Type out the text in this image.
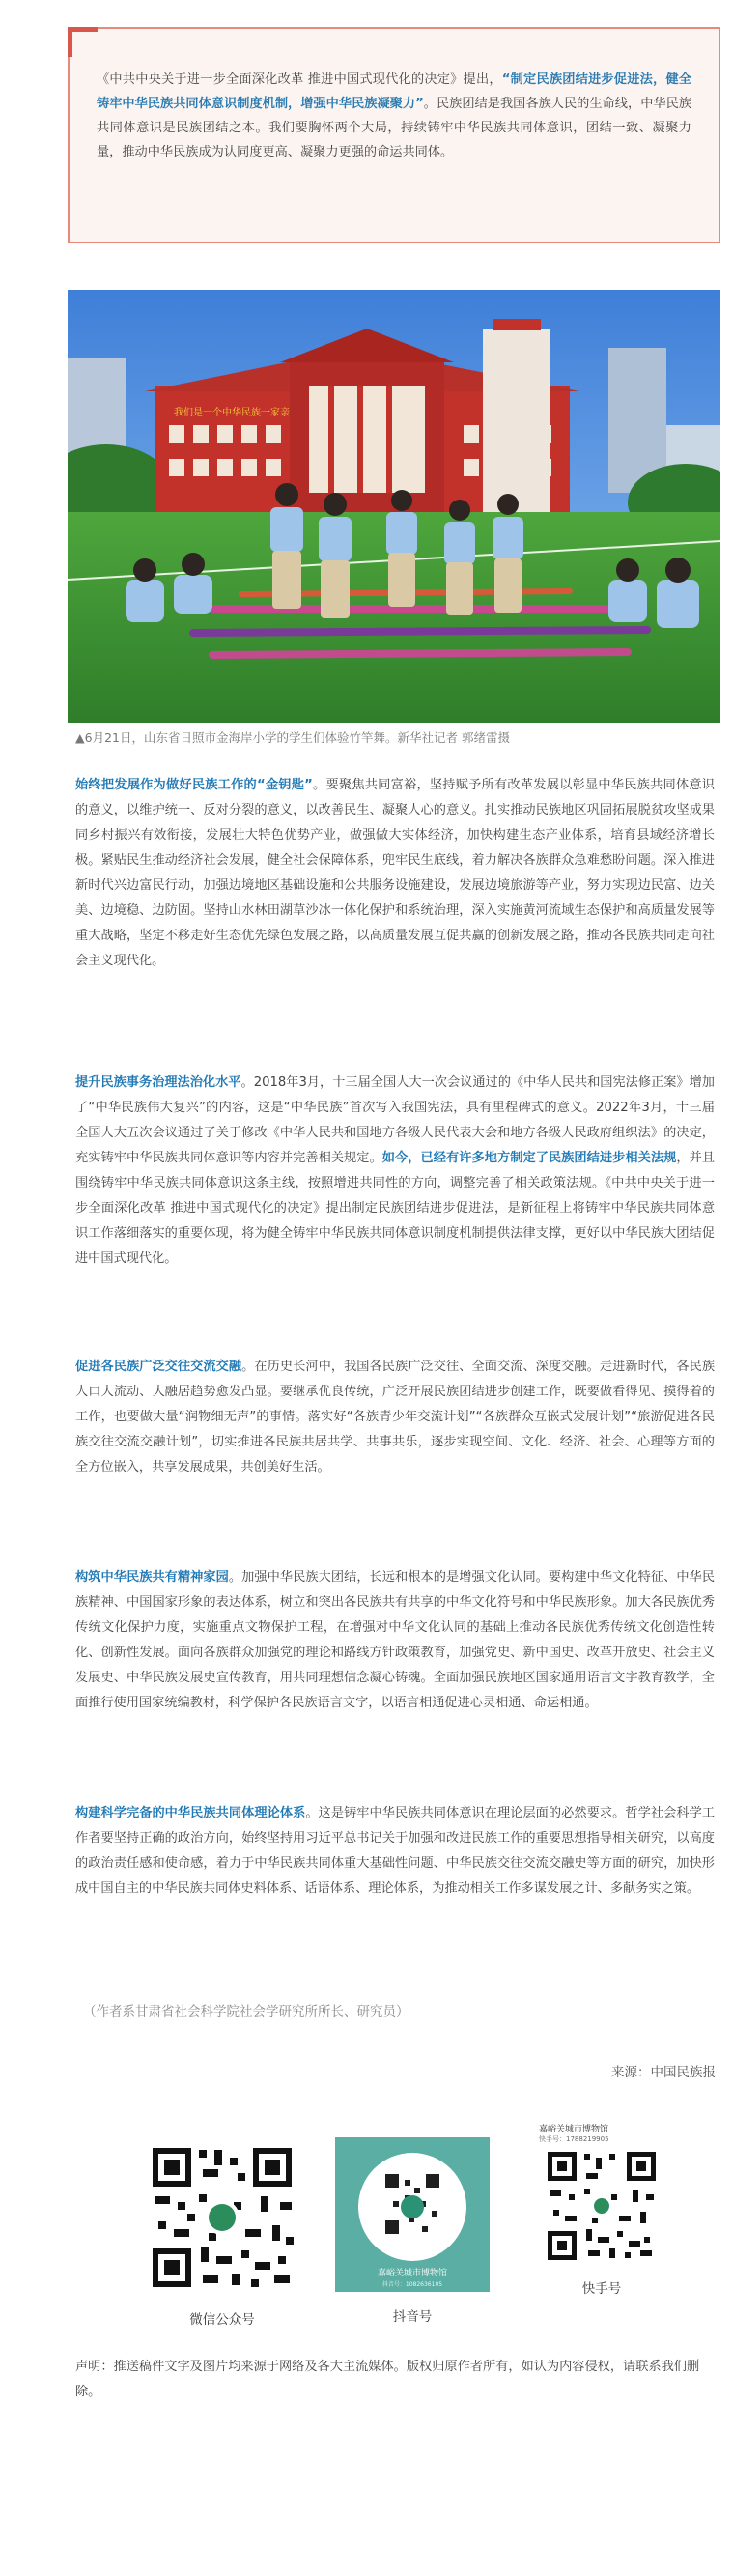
《中共中央关于进一步全面深化改革 推进中国式现代化的决定》提出，“制定民族团结进步促进法，健全铸牢中华民族共同体意识制度机制，增强中华民族凝聚力”。民族团结是我国各族人民的生命线，中华民族共同体意识是民族团结之本。我们要胸怀两个大局，持续铸牢中华民族共同体意识，团结一致、凝聚力量，推动中华民族成为认同度更高、凝聚力更强的命运共同体。
我们是一个中华民族一家亲
▲6月21日，山东省日照市金海岸小学的学生们体验竹竿舞。新华社记者 郭绪雷摄
始终把发展作为做好民族工作的“金钥匙”。要聚焦共同富裕，坚持赋予所有改革发展以彰显中华民族共同体意识的意义，以维护统一、反对分裂的意义，以改善民生、凝聚人心的意义。扎实推动民族地区巩固拓展脱贫攻坚成果同乡村振兴有效衔接，发展壮大特色优势产业，做强做大实体经济，加快构建生态产业体系，培育县域经济增长极。紧贴民生推动经济社会发展，健全社会保障体系，兜牢民生底线，着力解决各族群众急难愁盼问题。深入推进新时代兴边富民行动，加强边境地区基础设施和公共服务设施建设，发展边境旅游等产业，努力实现边民富、边关美、边境稳、边防固。坚持山水林田湖草沙冰一体化保护和系统治理，深入实施黄河流域生态保护和高质量发展等重大战略，坚定不移走好生态优先绿色发展之路，以高质量发展互促共赢的创新发展之路，推动各民族共同走向社会主义现代化。
提升民族事务治理法治化水平。2018年3月，十三届全国人大一次会议通过的《中华人民共和国宪法修正案》增加了“中华民族伟大复兴”的内容，这是“中华民族”首次写入我国宪法，具有里程碑式的意义。2022年3月，十三届全国人大五次会议通过了关于修改《中华人民共和国地方各级人民代表大会和地方各级人民政府组织法》的决定，充实铸牢中华民族共同体意识等内容并完善相关规定。如今，已经有许多地方制定了民族团结进步相关法规，并且围绕铸牢中华民族共同体意识这条主线，按照增进共同性的方向，调整完善了相关政策法规。《中共中央关于进一步全面深化改革 推进中国式现代化的决定》提出制定民族团结进步促进法，是新征程上将铸牢中华民族共同体意识工作落细落实的重要体现，将为健全铸牢中华民族共同体意识制度机制提供法律支撑，更好以中华民族大团结促进中国式现代化。
促进各民族广泛交往交流交融。在历史长河中，我国各民族广泛交往、全面交流、深度交融。走进新时代，各民族人口大流动、大融居趋势愈发凸显。要继承优良传统，广泛开展民族团结进步创建工作，既要做看得见、摸得着的工作，也要做大量“润物细无声”的事情。落实好“各族青少年交流计划”“各族群众互嵌式发展计划”“旅游促进各民族交往交流交融计划”，切实推进各民族共居共学、共事共乐，逐步实现空间、文化、经济、社会、心理等方面的全方位嵌入，共享发展成果，共创美好生活。
构筑中华民族共有精神家园。加强中华民族大团结，长远和根本的是增强文化认同。要构建中华文化特征、中华民族精神、中国国家形象的表达体系，树立和突出各民族共有共享的中华文化符号和中华民族形象。加大各民族优秀传统文化保护力度，实施重点文物保护工程，在增强对中华文化认同的基础上推动各民族优秀传统文化创造性转化、创新性发展。面向各族群众加强党的理论和路线方针政策教育，加强党史、新中国史、改革开放史、社会主义发展史、中华民族发展史宣传教育，用共同理想信念凝心铸魂。全面加强民族地区国家通用语言文字教育教学，全面推行使用国家统编教材，科学保护各民族语言文字，以语言相通促进心灵相通、命运相通。
构建科学完备的中华民族共同体理论体系。这是铸牢中华民族共同体意识在理论层面的必然要求。哲学社会科学工作者要坚持正确的政治方向，始终坚持用习近平总书记关于加强和改进民族工作的重要思想指导相关研究，以高度的政治责任感和使命感，着力于中华民族共同体重大基础性问题、中华民族交往交流交融史等方面的研究，加快形成中国自主的中华民族共同体史料体系、话语体系、理论体系，为推动相关工作多谋发展之计、多献务实之策。
（作者系甘肃省社会科学院社会学研究所所长、研究员）
来源：中国民族报
微信公众号
嘉峪关城市博物馆
抖音号：1082636105
抖音号
嘉峪关城市博物馆
快手号：1788219905
快手号
声明：推送稿件文字及图片均来源于网络及各大主流媒体。版权归原作者所有，如认为内容侵权，请联系我们删除。
